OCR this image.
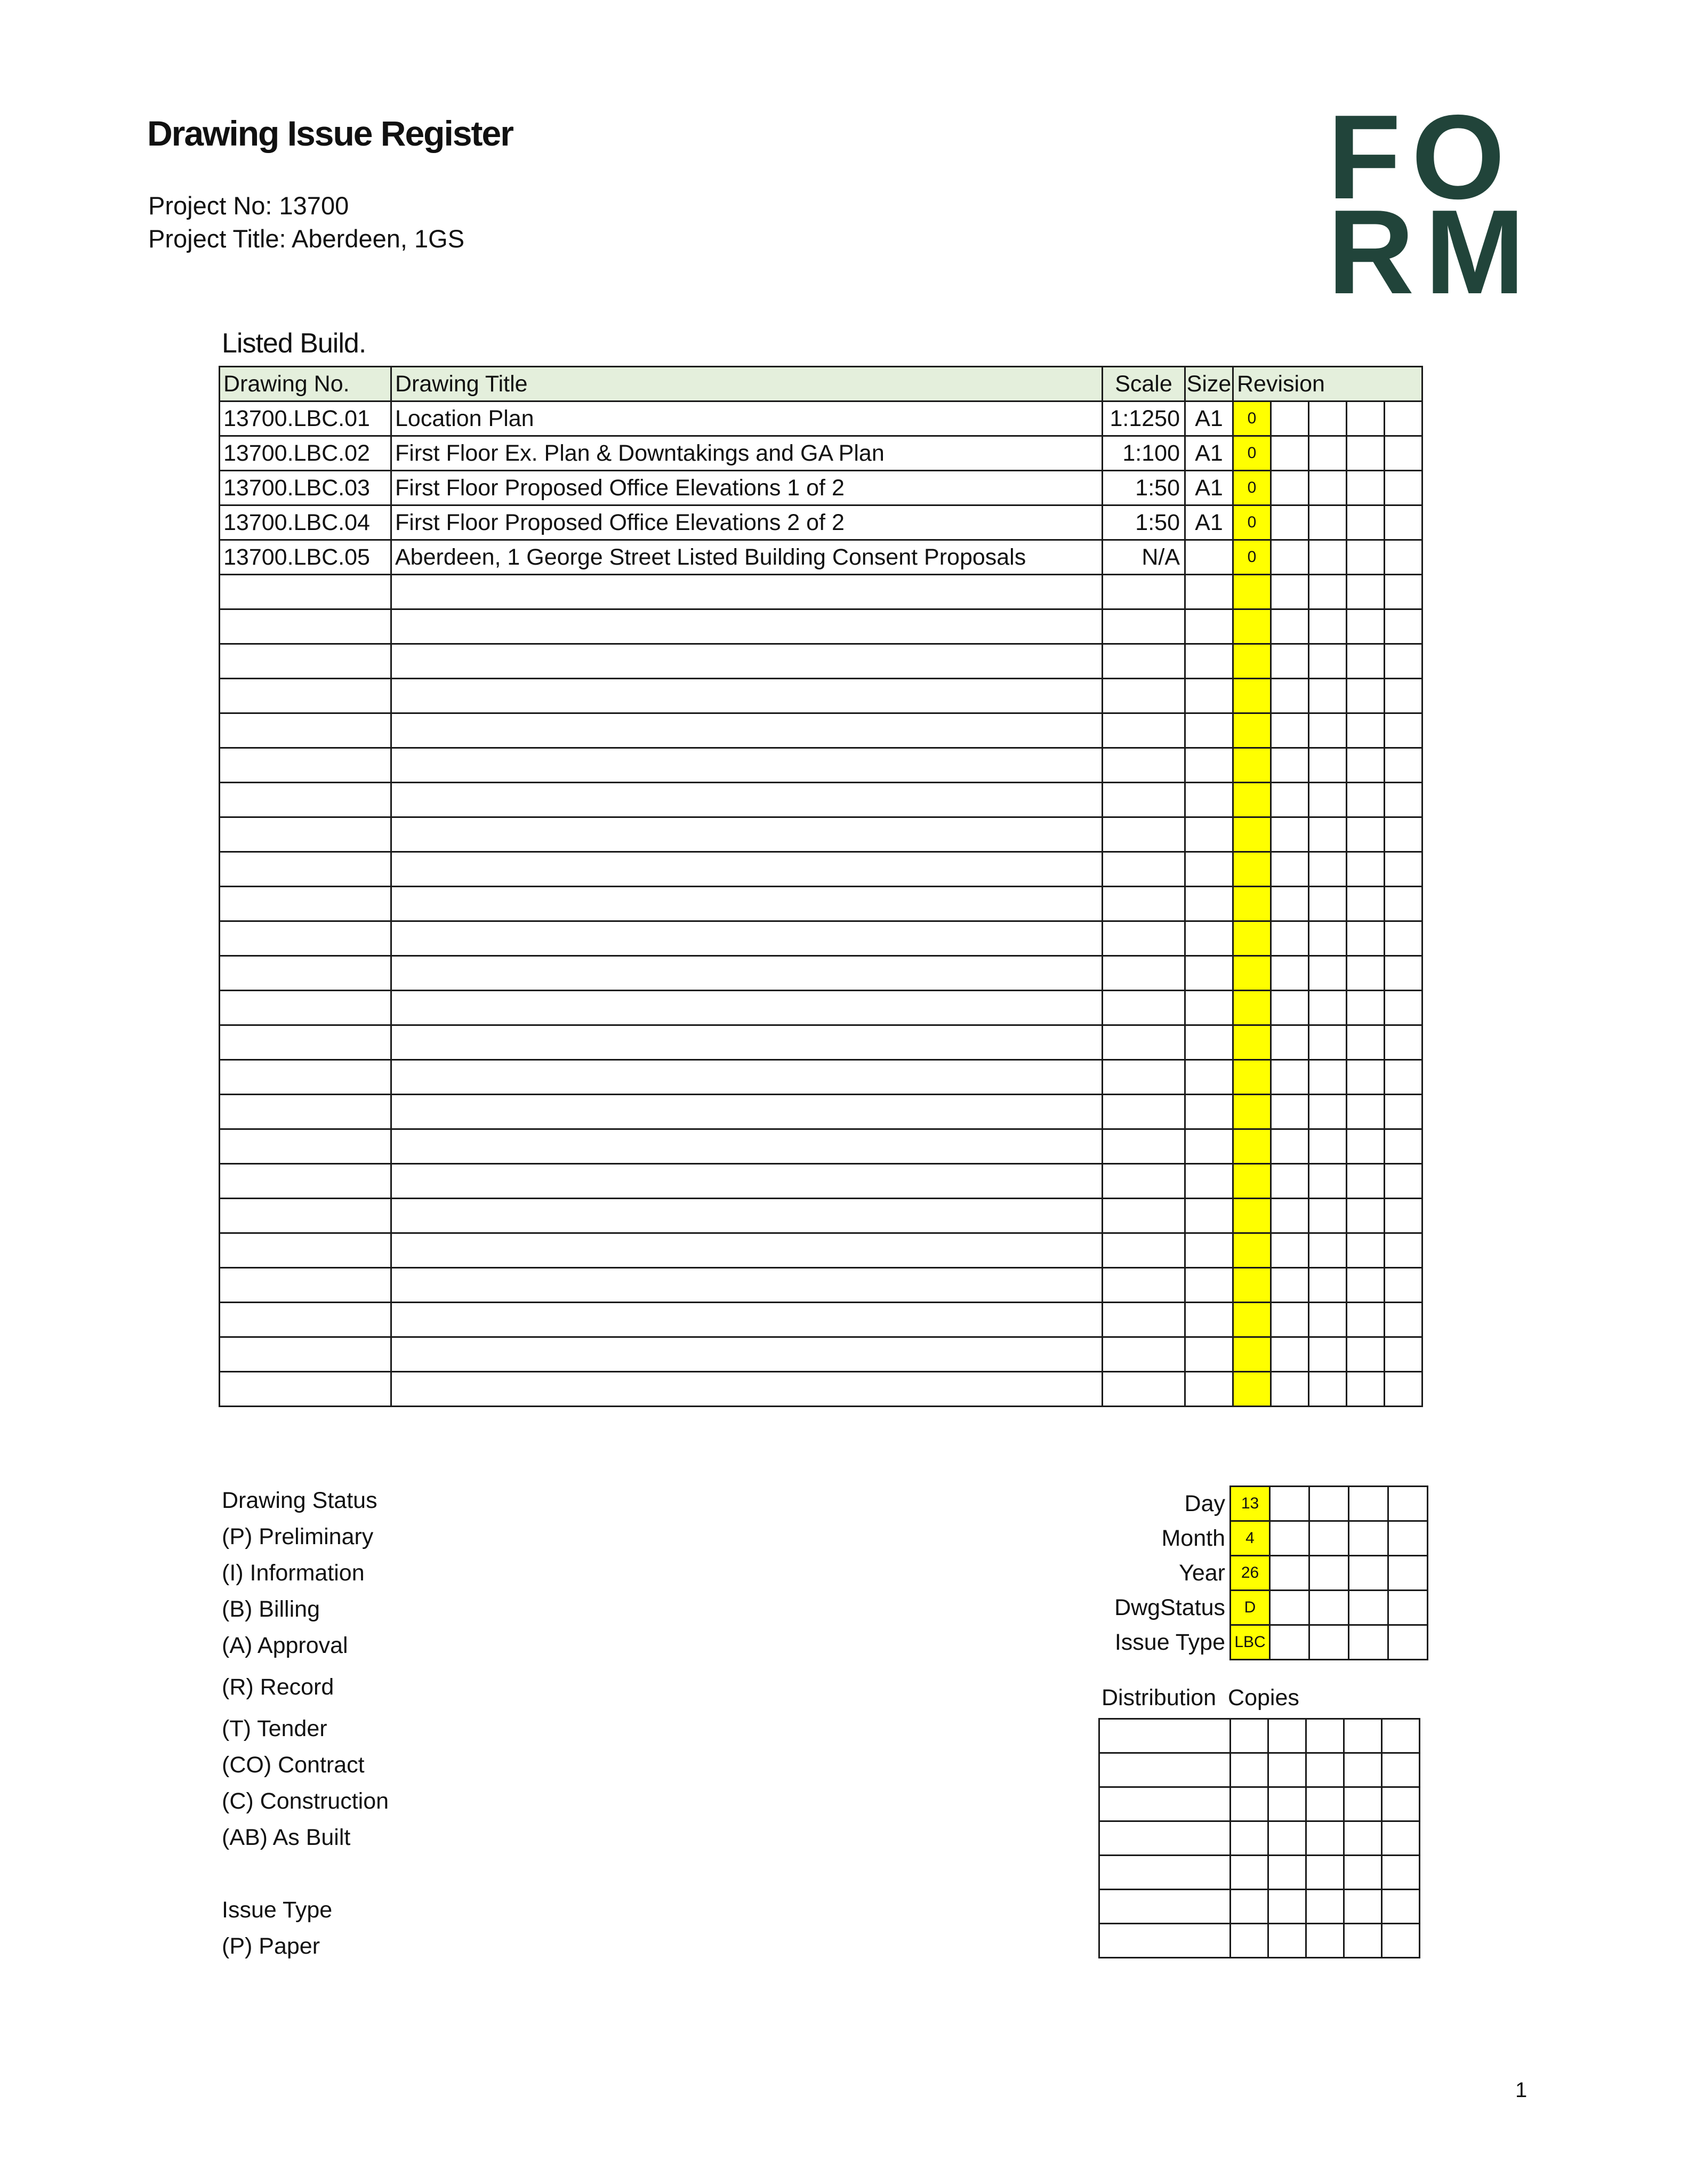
Drawing Issue Register
Project No: 13700
Project Title: Aberdeen, 1GS
FO
RM
Listed Build.
Drawing No.	Drawing Title	Scale	Size	Revision				
13700.LBC.01	Location Plan	1:1250	A1	0				
13700.LBC.02	First Floor Ex. Plan & Downtakings and GA Plan	1:100	A1	0				
13700.LBC.03	First Floor Proposed Office Elevations 1 of 2	1:50	A1	0				
13700.LBC.04	First Floor Proposed Office Elevations 2 of 2	1:50	A1	0				
13700.LBC.05	Aberdeen, 1 George Street Listed Building Consent Proposals	N/A		0				

Drawing Status
(P) Preliminary
(I) Information
(B) Billing
(A) Approval
(R) Record
(T) Tender
(CO) Contract
(C) Construction
(AB) As Built
Issue Type
(P) Paper
Day	13				
Month	4				
Year	26				
DwgStatus	D				
Issue Type	LBC				
Distribution Copies

1
